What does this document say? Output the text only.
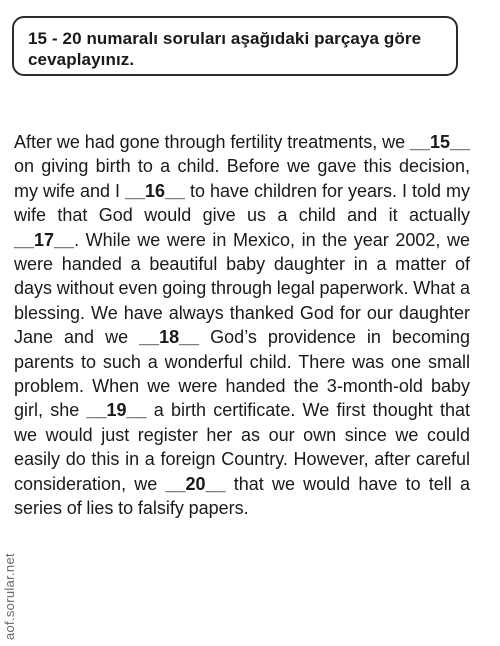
15 - 20 numaralı soruları aşağıdaki parçaya göre cevaplayınız.

After we had gone through fertility treatments, we __15__ on giving birth to a child. Before we gave this decision, my wife and I __16__ to have children for years. I told my wife that God would give us a child and it actually __17__. While we were in Mexico, in the year 2002, we were handed a beautiful baby daughter in a matter of days without even going through legal paperwork. What a blessing. We have always thanked God for our daughter Jane and we __18__ God’s providence in becoming parents to such a wonderful child. There was one small problem. When we were handed the 3-month-old baby girl, she __19__ a birth certificate. We first thought that we would just register her as our own since we could easily do this in a foreign Country. However, after careful consideration, we __20__ that we would have to tell a series of lies to falsify papers.

aof.sorular.net
